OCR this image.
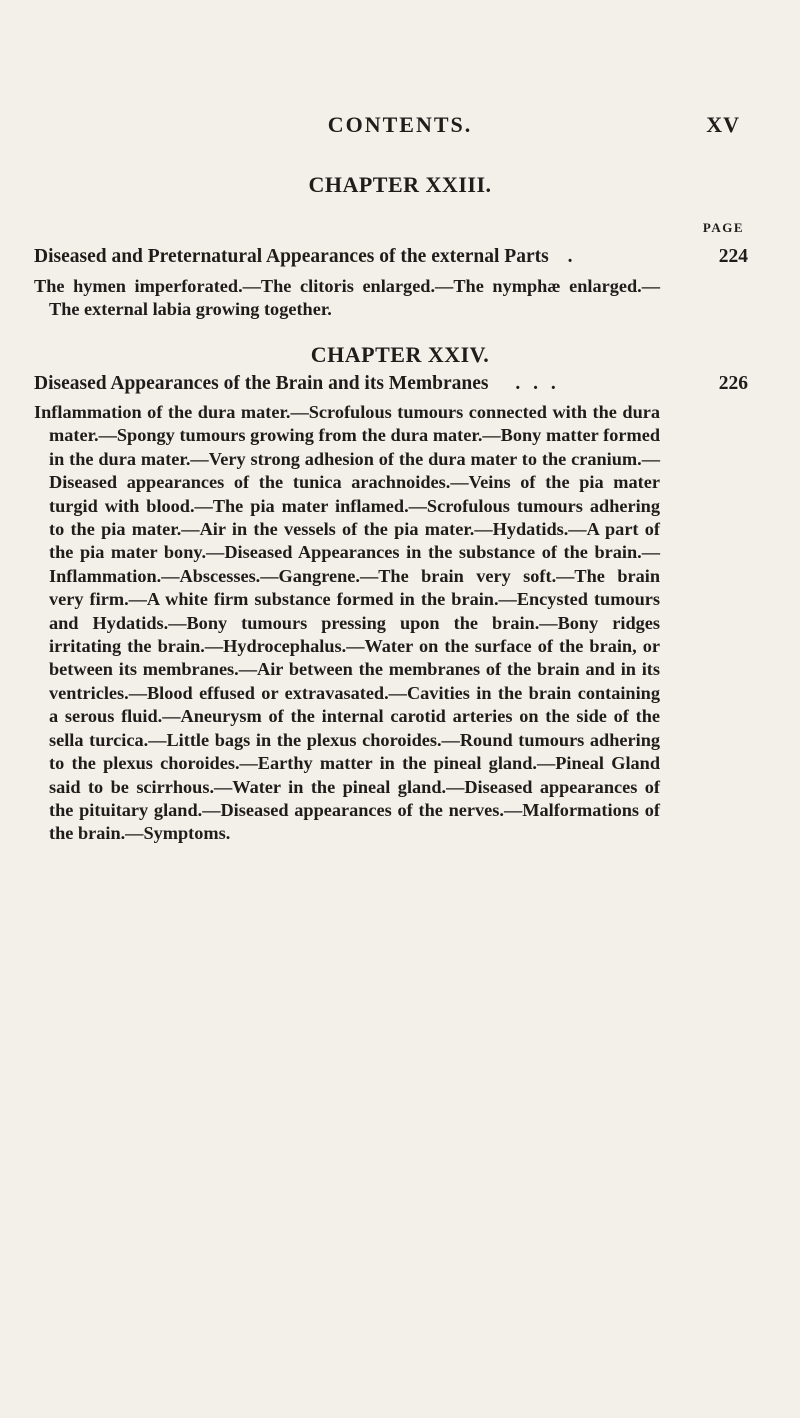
CONTENTS.	XV
CHAPTER XXIII.
PAGE
Diseased and Preternatural Appearances of the external Parts .	224
The hymen imperforated.—The clitoris enlarged.—The nymphæ enlarged.—The external labia growing together.
CHAPTER XXIV.
Diseased Appearances of the Brain and its Membranes . . .	226
Inflammation of the dura mater.—Scrofulous tumours connected with the dura mater.—Spongy tumours growing from the dura mater.—Bony matter formed in the dura mater.—Very strong adhesion of the dura mater to the cranium.—Diseased appearances of the tunica arachnoides.—Veins of the pia mater turgid with blood.—The pia mater inflamed.—Scrofulous tumours adhering to the pia mater.—Air in the vessels of the pia mater.—Hydatids.—A part of the pia mater bony.—Diseased Appearances in the substance of the brain.—Inflammation.—Abscesses.—Gangrene.—The brain very soft.—The brain very firm.—A white firm substance formed in the brain.—Encysted tumours and Hydatids.—Bony tumours pressing upon the brain.—Bony ridges irritating the brain.—Hydrocephalus.—Water on the surface of the brain, or between its membranes.—Air between the membranes of the brain and in its ventricles.—Blood effused or extravasated.—Cavities in the brain containing a serous fluid.—Aneurysm of the internal carotid arteries on the side of the sella turcica.—Little bags in the plexus choroides.—Round tumours adhering to the plexus choroides.—Earthy matter in the pineal gland.—Pineal Gland said to be scirrhous.—Water in the pineal gland.—Diseased appearances of the pituitary gland.—Diseased appearances of the nerves.—Malformations of the brain.—Symptoms.
